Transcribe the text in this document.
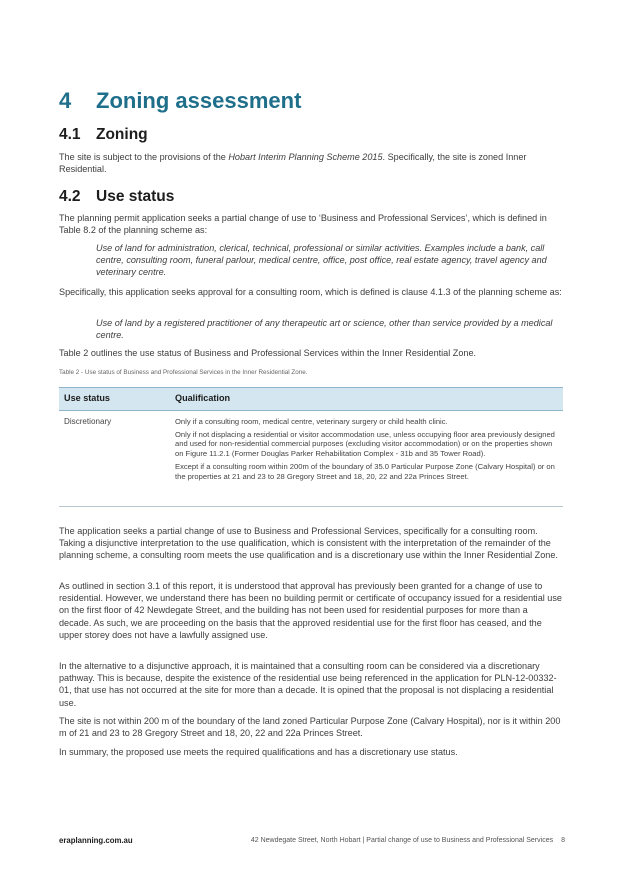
4 Zoning assessment
4.1 Zoning

The site is subject to the provisions of the Hobart Interim Planning Scheme 2015. Specifically, the site is zoned Inner Residential.

4.2 Use status

The planning permit application seeks a partial change of use to ‘Business and Professional Services’, which is defined in Table 8.2 of the planning scheme as:

Use of land for administration, clerical, technical, professional or similar activities. Examples include a bank, call centre, consulting room, funeral parlour, medical centre, office, post office, real estate agency, travel agency and veterinary centre.

Specifically, this application seeks approval for a consulting room, which is defined is clause 4.1.3 of the planning scheme as:

Use of land by a registered practitioner of any therapeutic art or science, other than service provided by a medical centre.

Table 2 outlines the use status of Business and Professional Services within the Inner Residential Zone.

Table 2 - Use status of Business and Professional Services in the Inner Residential Zone.
Use status	Qualification
Discretionary	Only if a consulting room, medical centre, veterinary surgery or child health clinic.

Only if not displacing a residential or visitor accommodation use, unless occupying floor area previously designed and used for non-residential commercial purposes (excluding visitor accommodation) or on the properties shown on Figure 11.2.1 (Former Douglas Parker Rehabilitation Complex - 31b and 35 Tower Road).

Except if a consulting room within 200m of the boundary of 35.0 Particular Purpose Zone (Calvary Hospital) or on the properties at 21 and 23 to 28 Gregory Street and 18, 20, 22 and 22a Princes Street.

The application seeks a partial change of use to Business and Professional Services, specifically for a consulting room. Taking a disjunctive interpretation to the use qualification, which is consistent with the interpretation of the remainder of the planning scheme, a consulting room meets the use qualification and is a discretionary use within the Inner Residential Zone.

As outlined in section 3.1 of this report, it is understood that approval has previously been granted for a change of use to residential. However, we understand there has been no building permit or certificate of occupancy issued for a residential use on the first floor of 42 Newdegate Street, and the building has not been used for residential purposes for more than a decade. As such, we are proceeding on the basis that the approved residential use for the first floor has ceased, and the upper storey does not have a lawfully assigned use.

In the alternative to a disjunctive approach, it is maintained that a consulting room can be considered via a discretionary pathway. This is because, despite the existence of the residential use being referenced in the application for PLN-12-00332-01, that use has not occurred at the site for more than a decade. It is opined that the proposal is not displacing a residential use.

The site is not within 200 m of the boundary of the land zoned Particular Purpose Zone (Calvary Hospital), nor is it within 200 m of 21 and 23 to 28 Gregory Street and 18, 20, 22 and 22a Princes Street.

In summary, the proposed use meets the required qualifications and has a discretionary use status.

eraplanning.com.au	42 Newdegate Street, North Hobart | Partial change of use to Business and Professional Services 8
